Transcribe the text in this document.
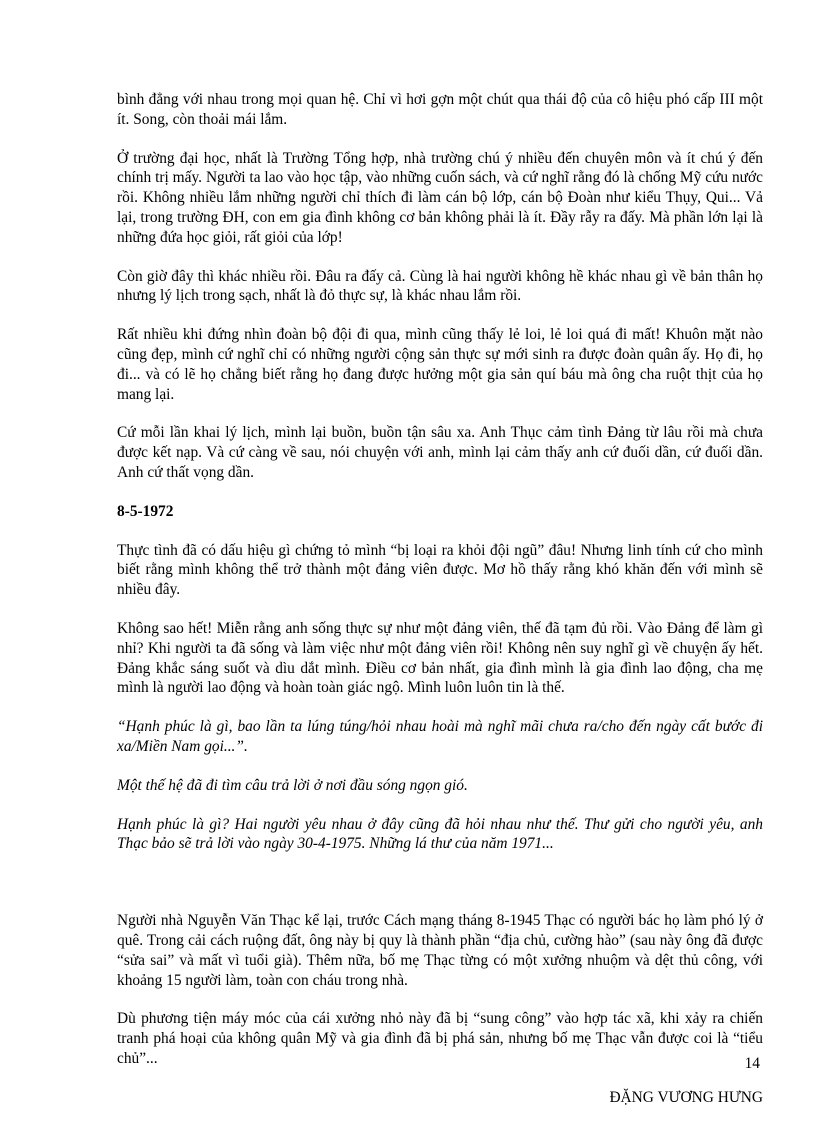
bình đẳng với nhau trong mọi quan hệ. Chỉ vì hơi gợn một chút qua thái độ của cô hiệu phó cấp III một ít. Song, còn thoải mái lắm.

Ở trường đại học, nhất là Trường Tổng hợp, nhà trường chú ý nhiều đến chuyên môn và ít chú ý đến chính trị mấy. Người ta lao vào học tập, vào những cuốn sách, và cứ nghĩ rằng đó là chống Mỹ cứu nước rồi. Không nhiều lắm những người chỉ thích đi làm cán bộ lớp, cán bộ Đoàn như kiểu Thụy, Qui... Vả lại, trong trường ĐH, con em gia đình không cơ bản không phải là ít. Đầy rẫy ra đấy. Mà phần lớn lại là những đứa học giỏi, rất giỏi của lớp!

Còn giờ đây thì khác nhiều rồi. Đâu ra đấy cả. Cùng là hai người không hề khác nhau gì về bản thân họ nhưng lý lịch trong sạch, nhất là đỏ thực sự, là khác nhau lắm rồi.

Rất nhiều khi đứng nhìn đoàn bộ đội đi qua, mình cũng thấy lẻ loi, lẻ loi quá đi mất! Khuôn mặt nào cũng đẹp, mình cứ nghĩ chỉ có những người cộng sản thực sự mới sinh ra được đoàn quân ấy. Họ đi, họ đi... và có lẽ họ chẳng biết rằng họ đang được hưởng một gia sản quí báu mà ông cha ruột thịt của họ mang lại.

Cứ mỗi lần khai lý lịch, mình lại buồn, buồn tận sâu xa. Anh Thục cảm tình Đảng từ lâu rồi mà chưa được kết nạp. Và cứ càng về sau, nói chuyện với anh, mình lại cảm thấy anh cứ đuối dần, cứ đuối dần. Anh cứ thất vọng dần.

8-5-1972

Thực tình đã có dấu hiệu gì chứng tỏ mình “bị loại ra khỏi đội ngũ” đâu! Nhưng linh tính cứ cho mình biết rằng mình không thể trở thành một đảng viên được. Mơ hồ thấy rằng khó khăn đến với mình sẽ nhiều đây.

Không sao hết! Miễn rằng anh sống thực sự như một đảng viên, thế đã tạm đủ rồi. Vào Đảng để làm gì nhỉ? Khi người ta đã sống và làm việc như một đảng viên rồi! Không nên suy nghĩ gì về chuyện ấy hết. Đảng khắc sáng suốt và dìu dắt mình. Điều cơ bản nhất, gia đình mình là gia đình lao động, cha mẹ mình là người lao động và hoàn toàn giác ngộ. Mình luôn luôn tin là thế.

“Hạnh phúc là gì, bao lần ta lúng túng/hỏi nhau hoài mà nghĩ mãi chưa ra/cho đến ngày cất bước đi xa/Miền Nam gọi...”.

Một thế hệ đã đi tìm câu trả lời ở nơi đầu sóng ngọn gió.

Hạnh phúc là gì? Hai người yêu nhau ở đây cũng đã hỏi nhau như thế. Thư gửi cho người yêu, anh Thạc bảo sẽ trả lời vào ngày 30-4-1975. Những lá thư của năm 1971...

Người nhà Nguyễn Văn Thạc kể lại, trước Cách mạng tháng 8-1945 Thạc có người bác họ làm phó lý ở quê. Trong cải cách ruộng đất, ông này bị quy là thành phần “địa chủ, cường hào” (sau này ông đã được “sửa sai” và mất vì tuổi già). Thêm nữa, bố mẹ Thạc từng có một xưởng nhuộm và dệt thủ công, với khoảng 15 người làm, toàn con cháu trong nhà.

Dù phương tiện máy móc của cái xưởng nhỏ này đã bị “sung công” vào hợp tác xã, khi xảy ra chiến tranh phá hoại của không quân Mỹ và gia đình đã bị phá sản, nhưng bố mẹ Thạc vẫn được coi là “tiểu chủ”...

ĐẶNG VƯƠNG HƯNG
14
